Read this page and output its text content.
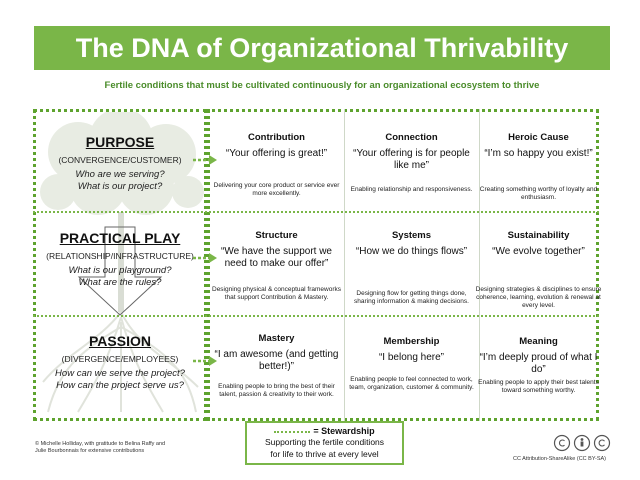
The DNA of Organizational Thrivability
Fertile conditions that must be cultivated continuously for an organizational ecosystem to thrive
PURPOSE
(CONVERGENCE/CUSTOMER)
Who are we serving?
What is our project?
PRACTICAL PLAY
(RELATIONSHIP/INFRASTRUCTURE)
What is our playground?
What are the rules?
PASSION
(DIVERGENCE/EMPLOYEES)
How can we serve the project?
How can the project serve us?
Contribution
“Your offering is great!”
Delivering your core product or service ever more excellently.
Connection
“Your offering is for people like me”
Enabling relationship and responsiveness.
Heroic Cause
“I’m so happy you exist!”
Creating something worthy of loyalty and enthusiasm.
Structure
“We have the support we need to make our offer”
Designing physical & conceptual frameworks that support Contribution & Mastery.
Systems
“How we do things flows”
Designing flow for getting things done, sharing information & making decisions.
Sustainability
“We evolve together”
Designing strategies & disciplines to ensure coherence, learning, evolution & renewal at every level.
Mastery
“I am awesome (and getting better!)”
Enabling people to bring the best of their talent, passion & creativity to their work.
Membership
“I belong here”
Enabling people to feel connected to work, team, organization, customer & community.
Meaning
“I’m deeply proud of what I do”
Enabling people to apply their best talents toward something worthy.
= Stewardship
Supporting the fertile conditions
for life to thrive at every level
© Michelle Holliday, with gratitude to Belina Raffy and
Julie Bourbonnais for extensive contributions
CC Attribution-ShareAlike (CC BY-SA)
